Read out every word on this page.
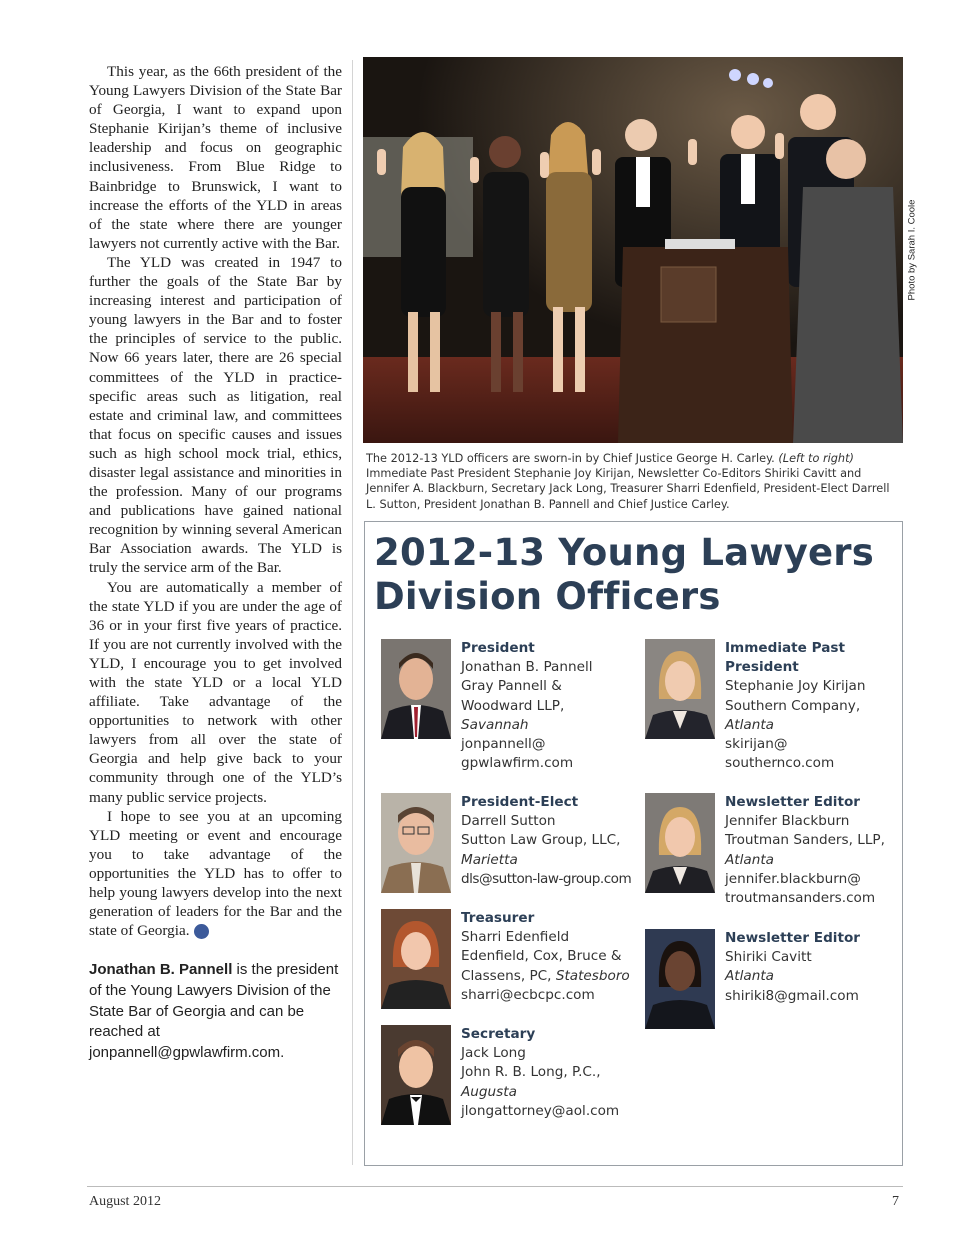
This year, as the 66th president of the Young Lawyers Division of the State Bar of Georgia, I want to expand upon Stephanie Kirijan’s theme of inclusive leadership and focus on geographic inclusiveness. From Blue Ridge to Bainbridge to Brunswick, I want to increase the efforts of the YLD in areas of the state where there are younger lawyers not currently active with the Bar.

The YLD was created in 1947 to further the goals of the State Bar by increasing interest and participation of young lawyers in the Bar and to foster the principles of service to the public. Now 66 years later, there are 26 special committees of the YLD in practice-specific areas such as litigation, real estate and criminal law, and committees that focus on specific causes and issues such as high school mock trial, ethics, disaster legal assistance and minorities in the profession. Many of our programs and publications have gained national recognition by winning several American Bar Association awards. The YLD is truly the service arm of the Bar.

You are automatically a member of the state YLD if you are under the age of 36 or in your first five years of practice. If you are not currently involved with the YLD, I encourage you to get involved with the state YLD or a local YLD affiliate. Take advantage of the opportunities to network with other lawyers from all over the state of Georgia and help give back to your community through one of the YLD’s many public service projects.

I hope to see you at an upcoming YLD meeting or event and encourage you to take advantage of the opportunities the YLD has to offer to help young lawyers develop into the next generation of leaders for the Bar and the state of Georgia.	GBJ

Jonathan B. Pannell is the president of the Young Lawyers Division of the State Bar of Georgia and can be reached at jonpannell@gpwlawfirm.com.
Photo by Sarah I. Coole
The 2012-13 YLD officers are sworn-in by Chief Justice George H. Carley. (Left to right) Immediate Past President Stephanie Joy Kirijan, Newsletter Co-Editors Shiriki Cavitt and Jennifer A. Blackburn, Secretary Jack Long, Treasurer Sharri Edenfield, President-Elect Darrell L. Sutton, President Jonathan B. Pannell and Chief Justice Carley.
2012-13 Young Lawyers Division Officers
President
Jonathan B. Pannell
Gray Pannell &
Woodward LLP,
Savannah
jonpannell@
gpwlawfirm.com
Immediate Past
President
Stephanie Joy Kirijan
Southern Company,
Atlanta
skirijan@
southernco.com
President-Elect
Darrell Sutton
Sutton Law Group, LLC,
Marietta
dls@sutton-law-group.com
Newsletter Editor
Jennifer Blackburn
Troutman Sanders, LLP,
Atlanta
jennifer.blackburn@
troutmansanders.com
Treasurer
Sharri Edenfield
Edenfield, Cox, Bruce &
Classens, PC, Statesboro
sharri@ecbcpc.com
Newsletter Editor
Shiriki Cavitt
Atlanta
shiriki8@gmail.com
Secretary
Jack Long
John R. B. Long, P.C.,
Augusta
jlongattorney@aol.com
August 2012	7
